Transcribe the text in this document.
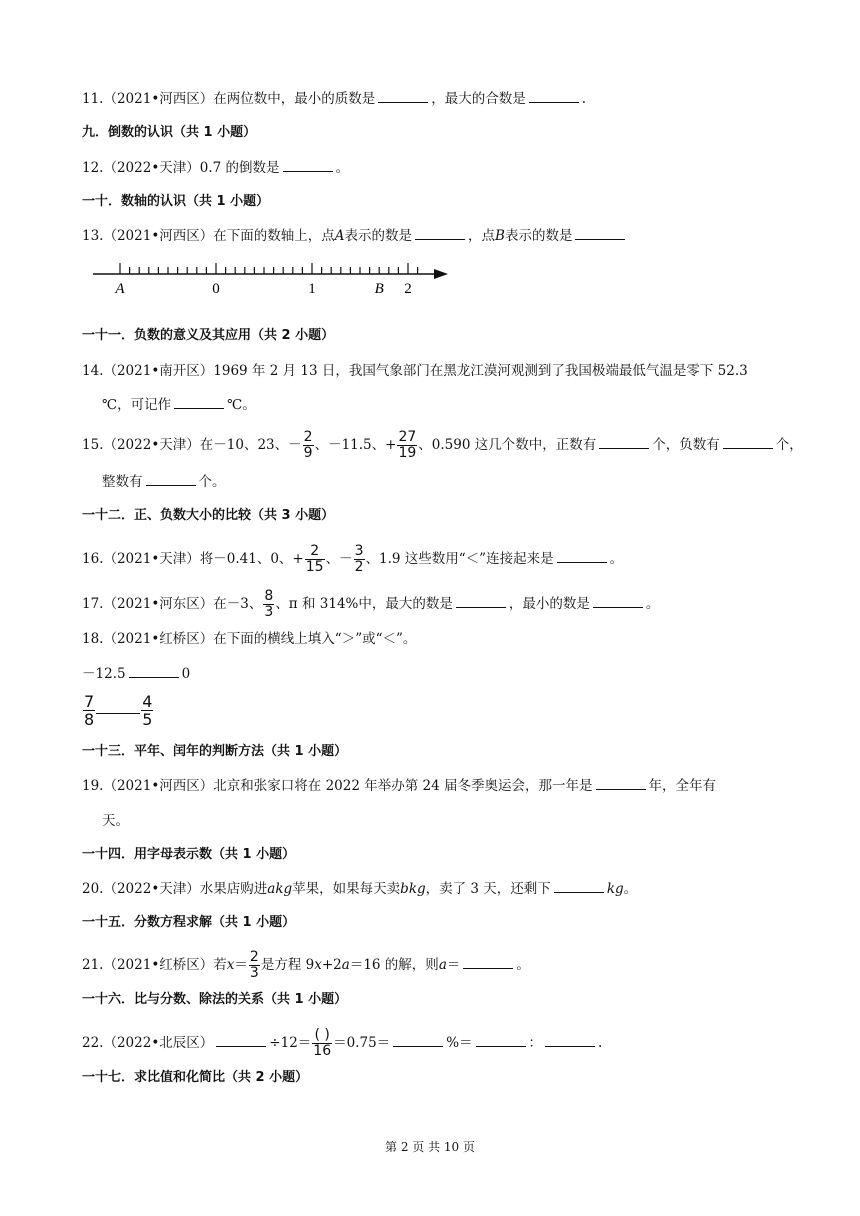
11.（2021•河西区）在两位数中，最小的质数是	，最大的合数是	.
九．倒数的认识（共 1 小题）
12.（2022•天津）0.7 的倒数是	。
一十．数轴的认识（共 1 小题）
13.（2021•河西区）在下面的数轴上，点A表示的数是	，点B表示的数是
A	0	1	B 2
一十一．负数的意义及其应用（共 2 小题）
14.（2021•南开区）1969 年 2 月 13 日，我国气象部门在黑龙江漠河观测到了我国极端最低气温是零下 52.3
℃，可记作	℃。
15.（2022•天津）在－10、23、－ $\frac{2}{9}$ 、－11.5、+ $\frac{27}{19}$ 、0.590 这几个数中，正数有	个，负数有	个，
整数有	个。
一十二．正、负数大小的比较（共 3 小题）
16.（2021•天津）将－0.41、0、+ $\frac{2}{15}$ 、－ $\frac{3}{2}$ 、1.9 这些数用“＜”连接起来是	。
17.（2021•河东区）在－3、 $\frac{8}{3}$ 、π 和 314%中，最大的数是	，最小的数是	。
18.（2021•红桥区）在下面的横线上填入“＞”或“＜”。
－12.5	0
$\frac{7}{8}$	$\frac{4}{5}$
一十三．平年、闰年的判断方法（共 1 小题）
19.（2021•河西区）北京和张家口将在 2022 年举办第 24 届冬季奥运会，那一年是	年，全年有
天。
一十四．用字母表示数（共 1 小题）
20.（2022•天津）水果店购进akg苹果，如果每天卖bkg，卖了 3 天，还剩下	kg。
一十五．分数方程求解（共 1 小题）
21.（2021•红桥区）若$x= \frac{2}{3}$ 是方程 9x+2a＝16 的解，则a＝	。
一十六．比与分数、除法的关系（共 1 小题）
22.（2022•北辰区）	$\div 12= \frac{( )}{16} =0.75=$	%＝	：	.
一十七．求比值和化简比（共 2 小题）
第 2 页 共 10 页
